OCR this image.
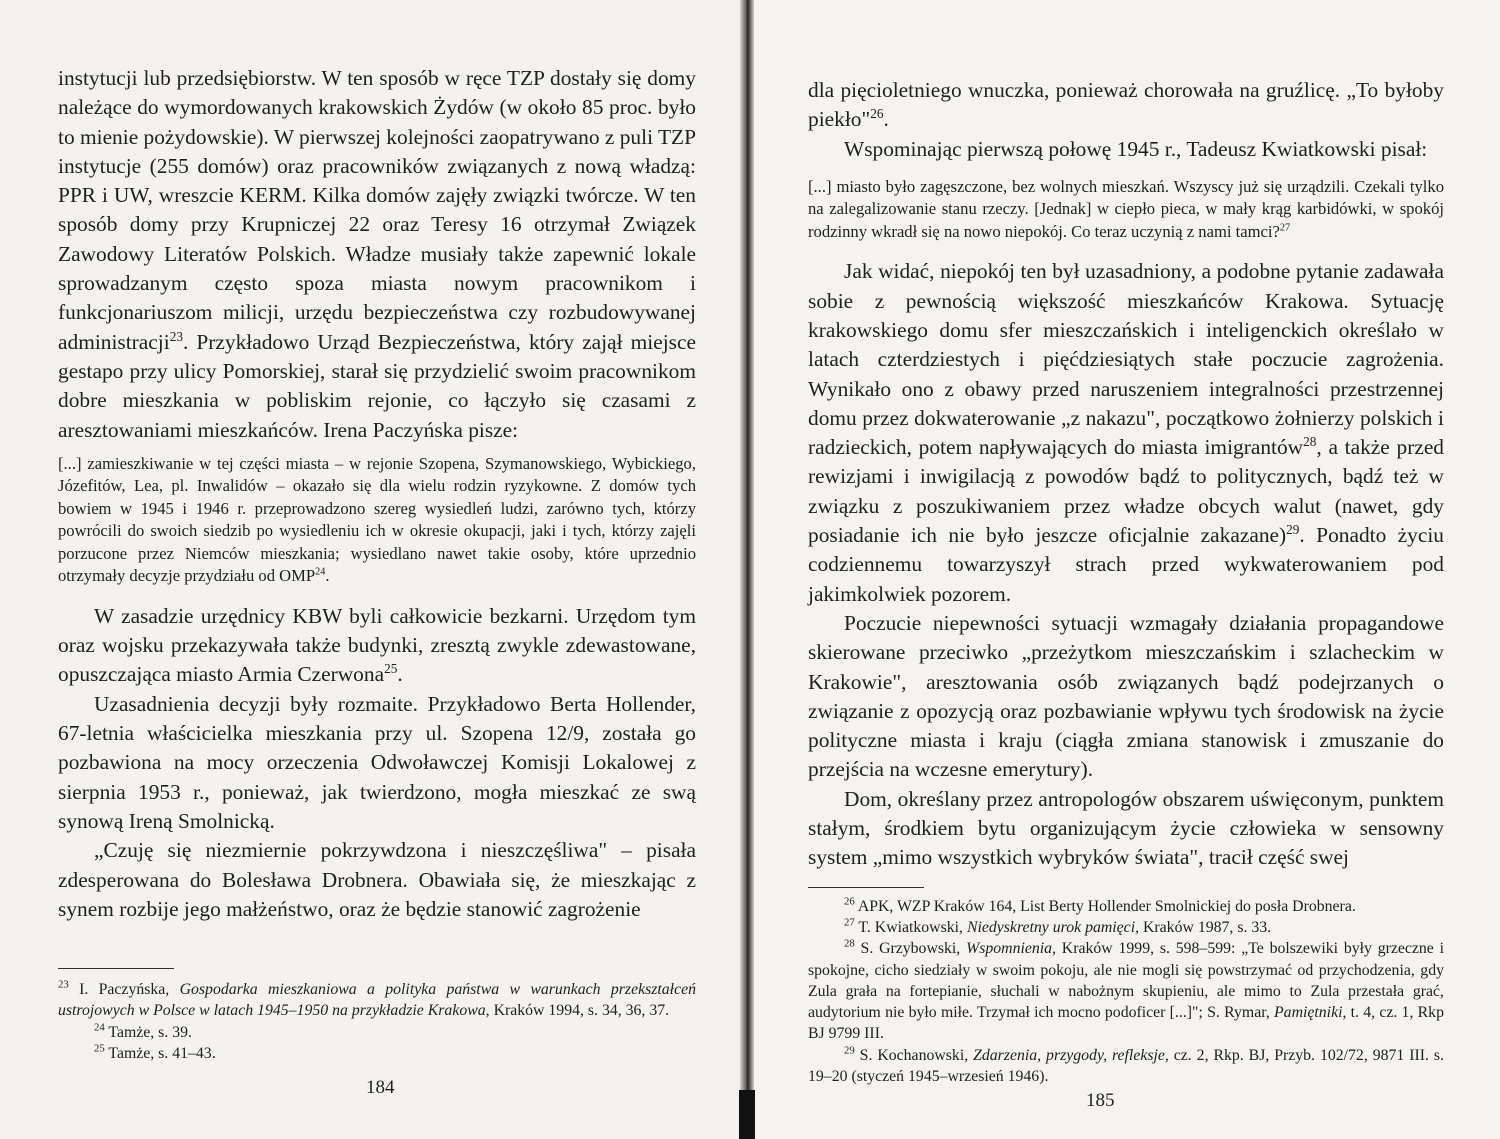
instytucji lub przedsiębiorstw. W ten sposób w ręce TZP dostały się domy należące do wymordowanych krakowskich Żydów (w około 85 proc. było to mienie pożydowskie). W pierwszej kolejności zaopatrywano z puli TZP instytucje (255 domów) oraz pracowników związanych z nową władzą: PPR i UW, wreszcie KERM. Kilka domów zajęły związki twórcze. W ten sposób domy przy Krupniczej 22 oraz Teresy 16 otrzymał Związek Zawodowy Literatów Polskich. Władze musiały także zapewnić lokale sprowadzanym często spoza miasta nowym pracownikom i funkcjonariuszom milicji, urzędu bezpieczeństwa czy rozbudowywanej administracji$^{23}$. Przykładowo Urząd Bezpieczeństwa, który zajął miejsce gestapo przy ulicy Pomorskiej, starał się przydzielić swoim pracownikom dobre mieszkania w pobliskim rejonie, co łączyło się czasami z aresztowaniami mieszkańców. Irena Paczyńska pisze:

[...] zamieszkiwanie w tej części miasta – w rejonie Szopena, Szymanowskiego, Wybickiego, Józefitów, Lea, pl. Inwalidów – okazało się dla wielu rodzin ryzykowne. Z domów tych bowiem w 1945 i 1946 r. przeprowadzono szereg wysiedleń ludzi, zarówno tych, którzy powrócili do swoich siedzib po wysiedleniu ich w okresie okupacji, jaki i tych, którzy zajęli porzucone przez Niemców mieszkania; wysiedlano nawet takie osoby, które uprzednio otrzymały decyzje przydziału od OMP$^{24}$.

W zasadzie urzędnicy KBW byli całkowicie bezkarni. Urzędom tym oraz wojsku przekazywała także budynki, zresztą zwykle zdewastowane, opuszczająca miasto Armia Czerwona$^{25}$.

Uzasadnienia decyzji były rozmaite. Przykładowo Berta Hollender, 67-letnia właścicielka mieszkania przy ul. Szopena 12/9, została go pozbawiona na mocy orzeczenia Odwoławczej Komisji Lokalowej z sierpnia 1953 r., ponieważ, jak twierdzono, mogła mieszkać ze swą synową Ireną Smolnicką.

„Czuję się niezmiernie pokrzywdzona i nieszczęśliwa" – pisała zdesperowana do Bolesława Drobnera. Obawiała się, że mieszkając z synem rozbije jego małżeństwo, oraz że będzie stanowić zagrożenie

$^{23}$ I. Paczyńska, Gospodarka mieszkaniowa a polityka państwa w warunkach przekształceń ustrojowych w Polsce w latach 1945–1950 na przykładzie Krakowa, Kraków 1994, s. 34, 36, 37.

$^{24}$ Tamże, s. 39.

$^{25}$ Tamże, s. 41–43.

184

dla pięcioletniego wnuczka, ponieważ chorowała na gruźlicę. „To byłoby piekło"$^{26}$.

Wspominając pierwszą połowę 1945 r., Tadeusz Kwiatkowski pisał:

[...] miasto było zagęszczone, bez wolnych mieszkań. Wszyscy już się urządzili. Czekali tylko na zalegalizowanie stanu rzeczy. [Jednak] w ciepło pieca, w mały krąg karbidówki, w spokój rodzinny wkradł się na nowo niepokój. Co teraz uczynią z nami tamci?$^{27}$

Jak widać, niepokój ten był uzasadniony, a podobne pytanie zadawała sobie z pewnością większość mieszkańców Krakowa. Sytuację krakowskiego domu sfer mieszczańskich i inteligenckich określało w latach czterdziestych i pięćdziesiątych stałe poczucie zagrożenia. Wynikało ono z obawy przed naruszeniem integralności przestrzennej domu przez dokwaterowanie „z nakazu", początkowo żołnierzy polskich i radzieckich, potem napływających do miasta imigrantów$^{28}$, a także przed rewizjami i inwigilacją z powodów bądź to politycznych, bądź też w związku z poszukiwaniem przez władze obcych walut (nawet, gdy posiadanie ich nie było jeszcze oficjalnie zakazane)$^{29}$. Ponadto życiu codziennemu towarzyszył strach przed wykwaterowaniem pod jakimkolwiek pozorem.

Poczucie niepewności sytuacji wzmagały działania propagandowe skierowane przeciwko „przeżytkom mieszczańskim i szlacheckim w Krakowie", aresztowania osób związanych bądź podejrzanych o związanie z opozycją oraz pozbawianie wpływu tych środowisk na życie polityczne miasta i kraju (ciągła zmiana stanowisk i zmuszanie do przejścia na wczesne emerytury).

Dom, określany przez antropologów obszarem uświęconym, punktem stałym, środkiem bytu organizującym życie człowieka w sensowny system „mimo wszystkich wybryków świata", tracił część swej

$^{26}$ APK, WZP Kraków 164, List Berty Hollender Smolnickiej do posła Drobnera.

$^{27}$ T. Kwiatkowski, Niedyskretny urok pamięci, Kraków 1987, s. 33.

$^{28}$ S. Grzybowski, Wspomnienia, Kraków 1999, s. 598–599: „Te bolszewiki były grzeczne i spokojne, cicho siedziały w swoim pokoju, ale nie mogli się powstrzymać od przychodzenia, gdy Zula grała na fortepianie, słuchali w nabożnym skupieniu, ale mimo to Zula przestała grać, audytorium nie było miłe. Trzymał ich mocno podoficer [...]"; S. Rymar, Pamiętniki, t. 4, cz. 1, Rkp BJ 9799 III.

$^{29}$ S. Kochanowski, Zdarzenia, przygody, refleksje, cz. 2, Rkp. BJ, Przyb. 102/72, 9871 III. s. 19–20 (styczeń 1945–wrzesień 1946).

185
